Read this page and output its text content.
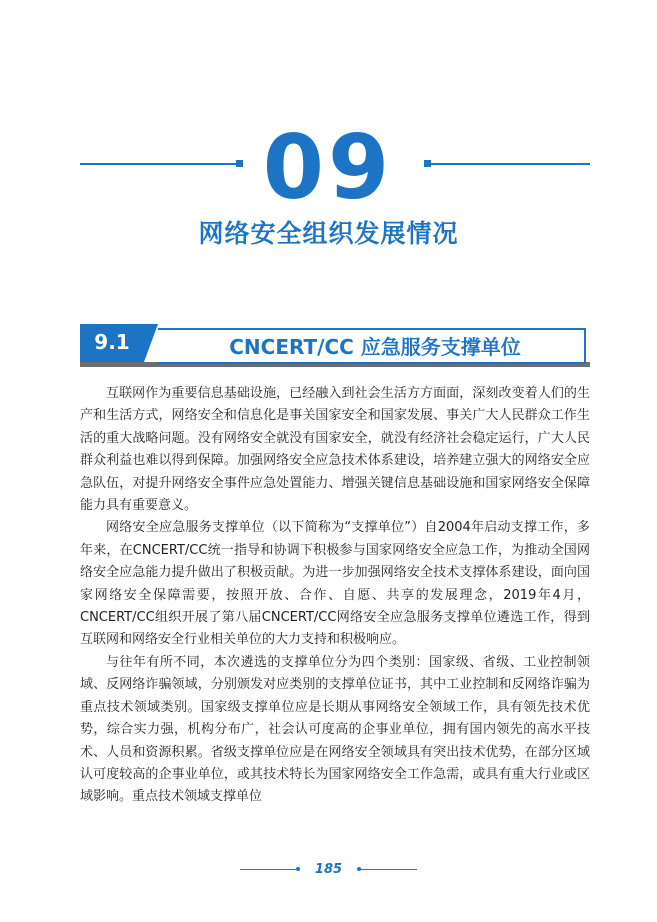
09
网络安全组织发展情况
9.1	CNCERT/CC 应急服务支撑单位

互联网作为重要信息基础设施，已经融入到社会生活方方面面，深刻改变着人们的生产和生活方式，网络安全和信息化是事关国家安全和国家发展、事关广大人民群众工作生活的重大战略问题。没有网络安全就没有国家安全，就没有经济社会稳定运行，广大人民群众利益也难以得到保障。加强网络安全应急技术体系建设，培养建立强大的网络安全应急队伍，对提升网络安全事件应急处置能力、增强关键信息基础设施和国家网络安全保障能力具有重要意义。

网络安全应急服务支撑单位（以下简称为“支撑单位”）自2004年启动支撑工作，多年来，在CNCERT/CC统一指导和协调下积极参与国家网络安全应急工作，为推动全国网络安全应急能力提升做出了积极贡献。为进一步加强网络安全技术支撑体系建设，面向国家网络安全保障需要，按照开放、合作、自愿、共享的发展理念，2019年4月，CNCERT/CC组织开展了第八届CNCERT/CC网络安全应急服务支撑单位遴选工作，得到互联网和网络安全行业相关单位的大力支持和积极响应。

与往年有所不同，本次遴选的支撑单位分为四个类别：国家级、省级、工业控制领域、反网络诈骗领域，分别颁发对应类别的支撑单位证书，其中工业控制和反网络诈骗为重点技术领域类别。国家级支撑单位应是长期从事网络安全领域工作，具有领先技术优势，综合实力强，机构分布广，社会认可度高的企事业单位，拥有国内领先的高水平技术、人员和资源积累。省级支撑单位应是在网络安全领域具有突出技术优势，在部分区域认可度较高的企事业单位，或其技术特长为国家网络安全工作急需，或具有重大行业或区域影响。重点技术领域支撑单位

185
